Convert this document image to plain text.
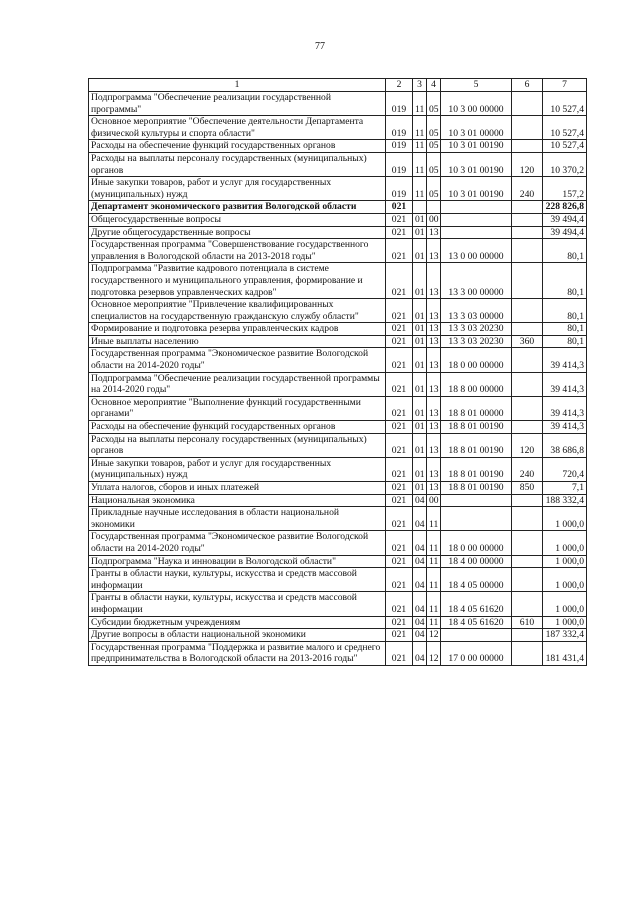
77
1	2	3	4	5	6	7
Подпрограмма "Обеспечение реализации государственной программы"	019	11	05	10 3 00 00000		10 527,4
Основное мероприятие "Обеспечение деятельности Департамента физической культуры и спорта области"	019	11	05	10 3 01 00000		10 527,4
Расходы на обеспечение функций государственных органов	019	11	05	10 3 01 00190		10 527,4
Расходы на выплаты персоналу государственных (муниципальных) органов	019	11	05	10 3 01 00190	120	10 370,2
Иные закупки товаров, работ и услуг для государственных (муниципальных) нужд	019	11	05	10 3 01 00190	240	157,2
Департамент экономического развития Вологодской области	021					228 826,8
Общегосударственные вопросы	021	01	00			39 494,4
Другие общегосударственные вопросы	021	01	13			39 494,4
Государственная программа "Совершенствование государственного управления в Вологодской области на 2013-2018 годы"	021	01	13	13 0 00 00000		80,1
Подпрограмма "Развитие кадрового потенциала в системе государственного и муниципального управления, формирование и подготовка резервов управленческих кадров"	021	01	13	13 3 00 00000		80,1
Основное мероприятие "Привлечение квалифицированных специалистов на государственную гражданскую службу области"	021	01	13	13 3 03 00000		80,1
Формирование и подготовка резерва управленческих кадров	021	01	13	13 3 03 20230		80,1
Иные выплаты населению	021	01	13	13 3 03 20230	360	80,1
Государственная программа "Экономическое развитие Вологодской области на 2014-2020 годы"	021	01	13	18 0 00 00000		39 414,3
Подпрограмма "Обеспечение реализации государственной программы на 2014-2020 годы"	021	01	13	18 8 00 00000		39 414,3
Основное мероприятие "Выполнение функций государственными органами"	021	01	13	18 8 01 00000		39 414,3
Расходы на обеспечение функций государственных органов	021	01	13	18 8 01 00190		39 414,3
Расходы на выплаты персоналу государственных (муниципальных) органов	021	01	13	18 8 01 00190	120	38 686,8
Иные закупки товаров, работ и услуг для государственных (муниципальных) нужд	021	01	13	18 8 01 00190	240	720,4
Уплата налогов, сборов и иных платежей	021	01	13	18 8 01 00190	850	7,1
Национальная экономика	021	04	00			188 332,4
Прикладные научные исследования в области национальной экономики	021	04	11			1 000,0
Государственная программа "Экономическое развитие Вологодской области на 2014-2020 годы"	021	04	11	18 0 00 00000		1 000,0
Подпрограмма "Наука и инновации в Вологодской области"	021	04	11	18 4 00 00000		1 000,0
Гранты в области науки, культуры, искусства и средств массовой информации	021	04	11	18 4 05 00000		1 000,0
Гранты в области науки, культуры, искусства и средств массовой информации	021	04	11	18 4 05 61620		1 000,0
Субсидии бюджетным учреждениям	021	04	11	18 4 05 61620	610	1 000,0
Другие вопросы в области национальной экономики	021	04	12			187 332,4
Государственная программа "Поддержка и развитие малого и среднего предпринимательства в Вологодской области на 2013-2016 годы"	021	04	12	17 0 00 00000		181 431,4
